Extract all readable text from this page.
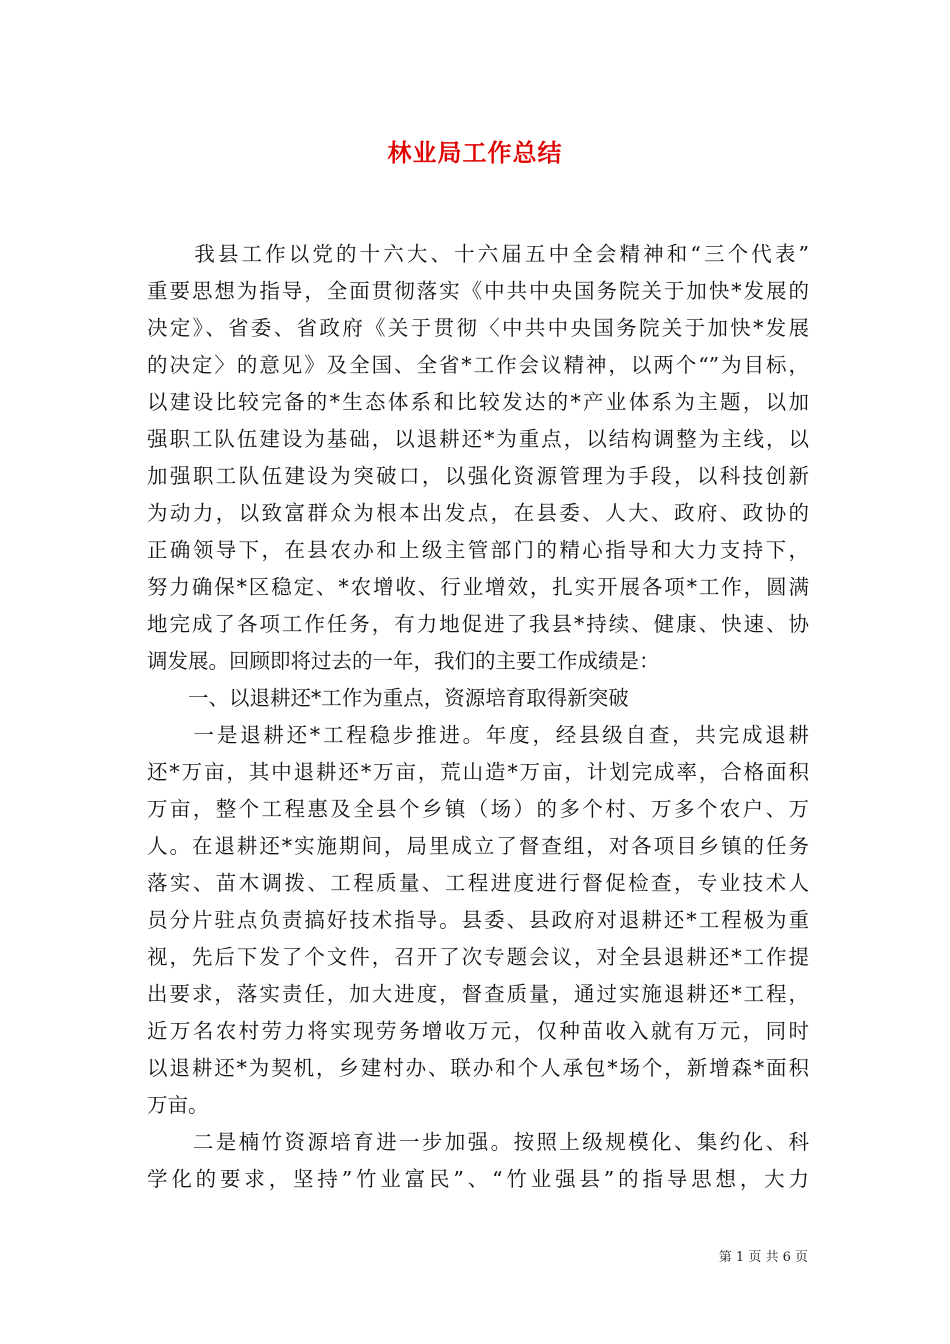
林业局工作总结
　　我县工作以党的十六大、十六届五中全会精神和“三个代表”
重要思想为指导，全面贯彻落实《中共中央国务院关于加快*发展的
决定》、省委、省政府《关于贯彻〈中共中央国务院关于加快*发展
的决定〉的意见》及全国、全省*工作会议精神，以两个“”为目标，
以建设比较完备的*生态体系和比较发达的*产业体系为主题，以加
强职工队伍建设为基础，以退耕还*为重点，以结构调整为主线，以
加强职工队伍建设为突破口，以强化资源管理为手段，以科技创新
为动力，以致富群众为根本出发点，在县委、人大、政府、政协的
正确领导下，在县农办和上级主管部门的精心指导和大力支持下，
努力确保*区稳定、*农增收、行业增效，扎实开展各项*工作，圆满
地完成了各项工作任务，有力地促进了我县*持续、健康、快速、协
调发展。回顾即将过去的一年，我们的主要工作成绩是：
　　一、以退耕还*工作为重点，资源培育取得新突破
　　一是退耕还*工程稳步推进。年度，经县级自查，共完成退耕
还*万亩，其中退耕还*万亩，荒山造*万亩，计划完成率，合格面积
万亩，整个工程惠及全县个乡镇（场）的多个村、万多个农户、万
人。在退耕还*实施期间，局里成立了督查组，对各项目乡镇的任务
落实、苗木调拨、工程质量、工程进度进行督促检查，专业技术人
员分片驻点负责搞好技术指导。县委、县政府对退耕还*工程极为重
视，先后下发了个文件，召开了次专题会议，对全县退耕还*工作提
出要求，落实责任，加大进度，督查质量，通过实施退耕还*工程，
近万名农村劳力将实现劳务增收万元，仅种苗收入就有万元，同时
以退耕还*为契机，乡建村办、联办和个人承包*场个，新增森*面积
万亩。
　　二是楠竹资源培育进一步加强。按照上级规模化、集约化、科
学化的要求，坚持”竹业富民”、“竹业强县”的指导思想，大力
第 1 页 共 6 页
